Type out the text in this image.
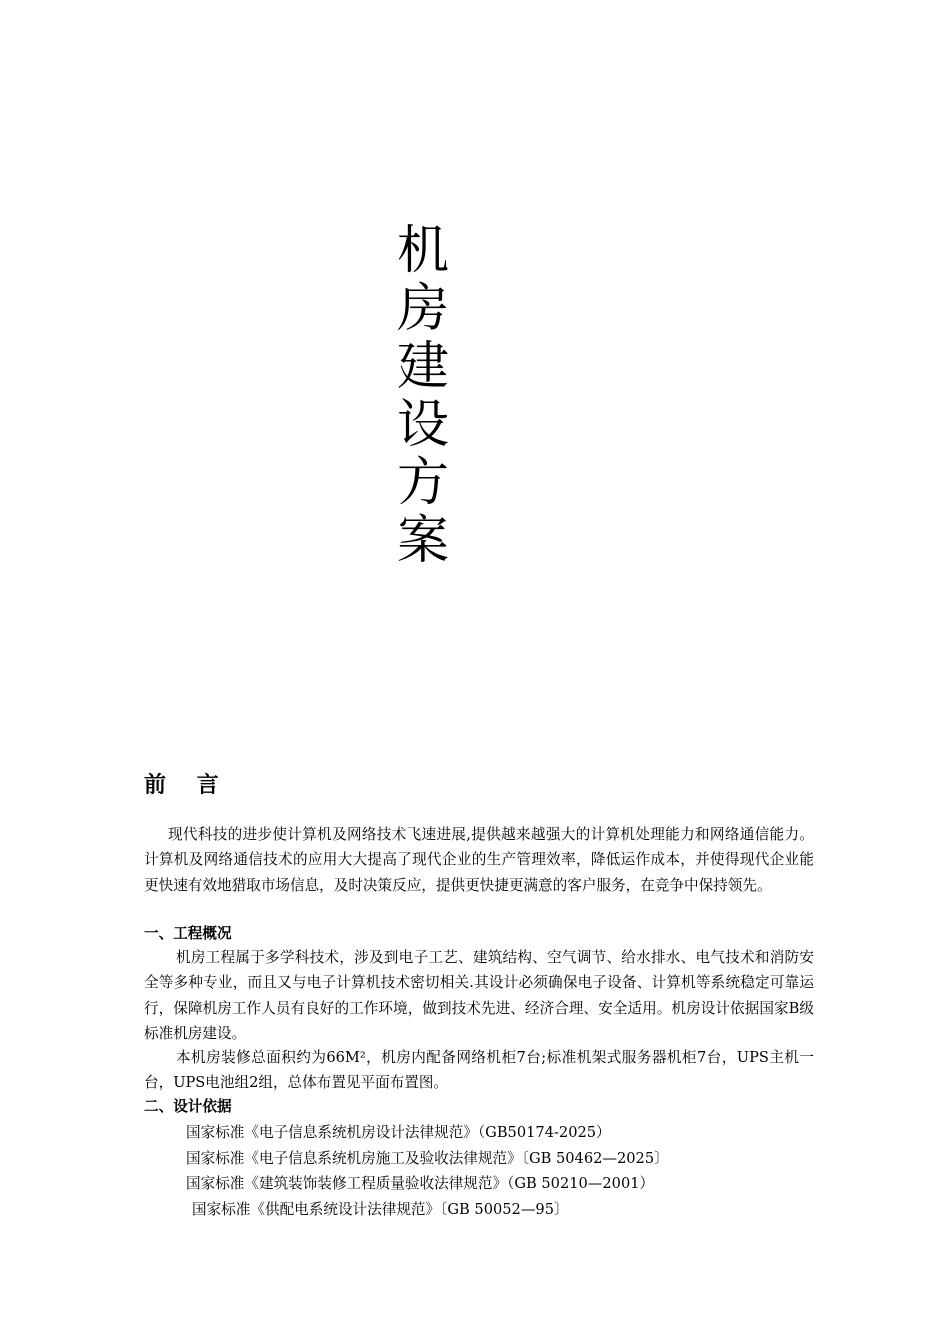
机
房
建
设
方
案
前    言

现代科技的进步使计算机及网络技术飞速进展,提供越来越强大的计算机处理能力和网络通信能力。计算机及网络通信技术的应用大大提高了现代企业的生产管理效率，降低运作成本，并使得现代企业能更快速有效地猎取市场信息，及时决策反应，提供更快捷更满意的客户服务，在竞争中保持领先。

一、工程概况

机房工程属于多学科技术，涉及到电子工艺、建筑结构、空气调节、给水排水、电气技术和消防安全等多种专业，而且又与电子计算机技术密切相关.其设计必须确保电子设备、计算机等系统稳定可靠运行，保障机房工作人员有良好的工作环境，做到技术先进、经济合理、安全适用。机房设计依据国家B级标准机房建设。

本机房装修总面积约为66M²，机房内配备网络机柜7台;标准机架式服务器机柜7台，UPS主机一台，UPS电池组2组，总体布置见平面布置图。

二、设计依据
国家标准《电子信息系统机房设计法律规范》（GB50174-2025）
国家标准《电子信息系统机房施工及验收法律规范》〔GB 50462—2025〕
国家标准《建筑装饰装修工程质量验收法律规范》（GB 50210—2001）
国家标准《供配电系统设计法律规范》〔GB 50052—95〕
